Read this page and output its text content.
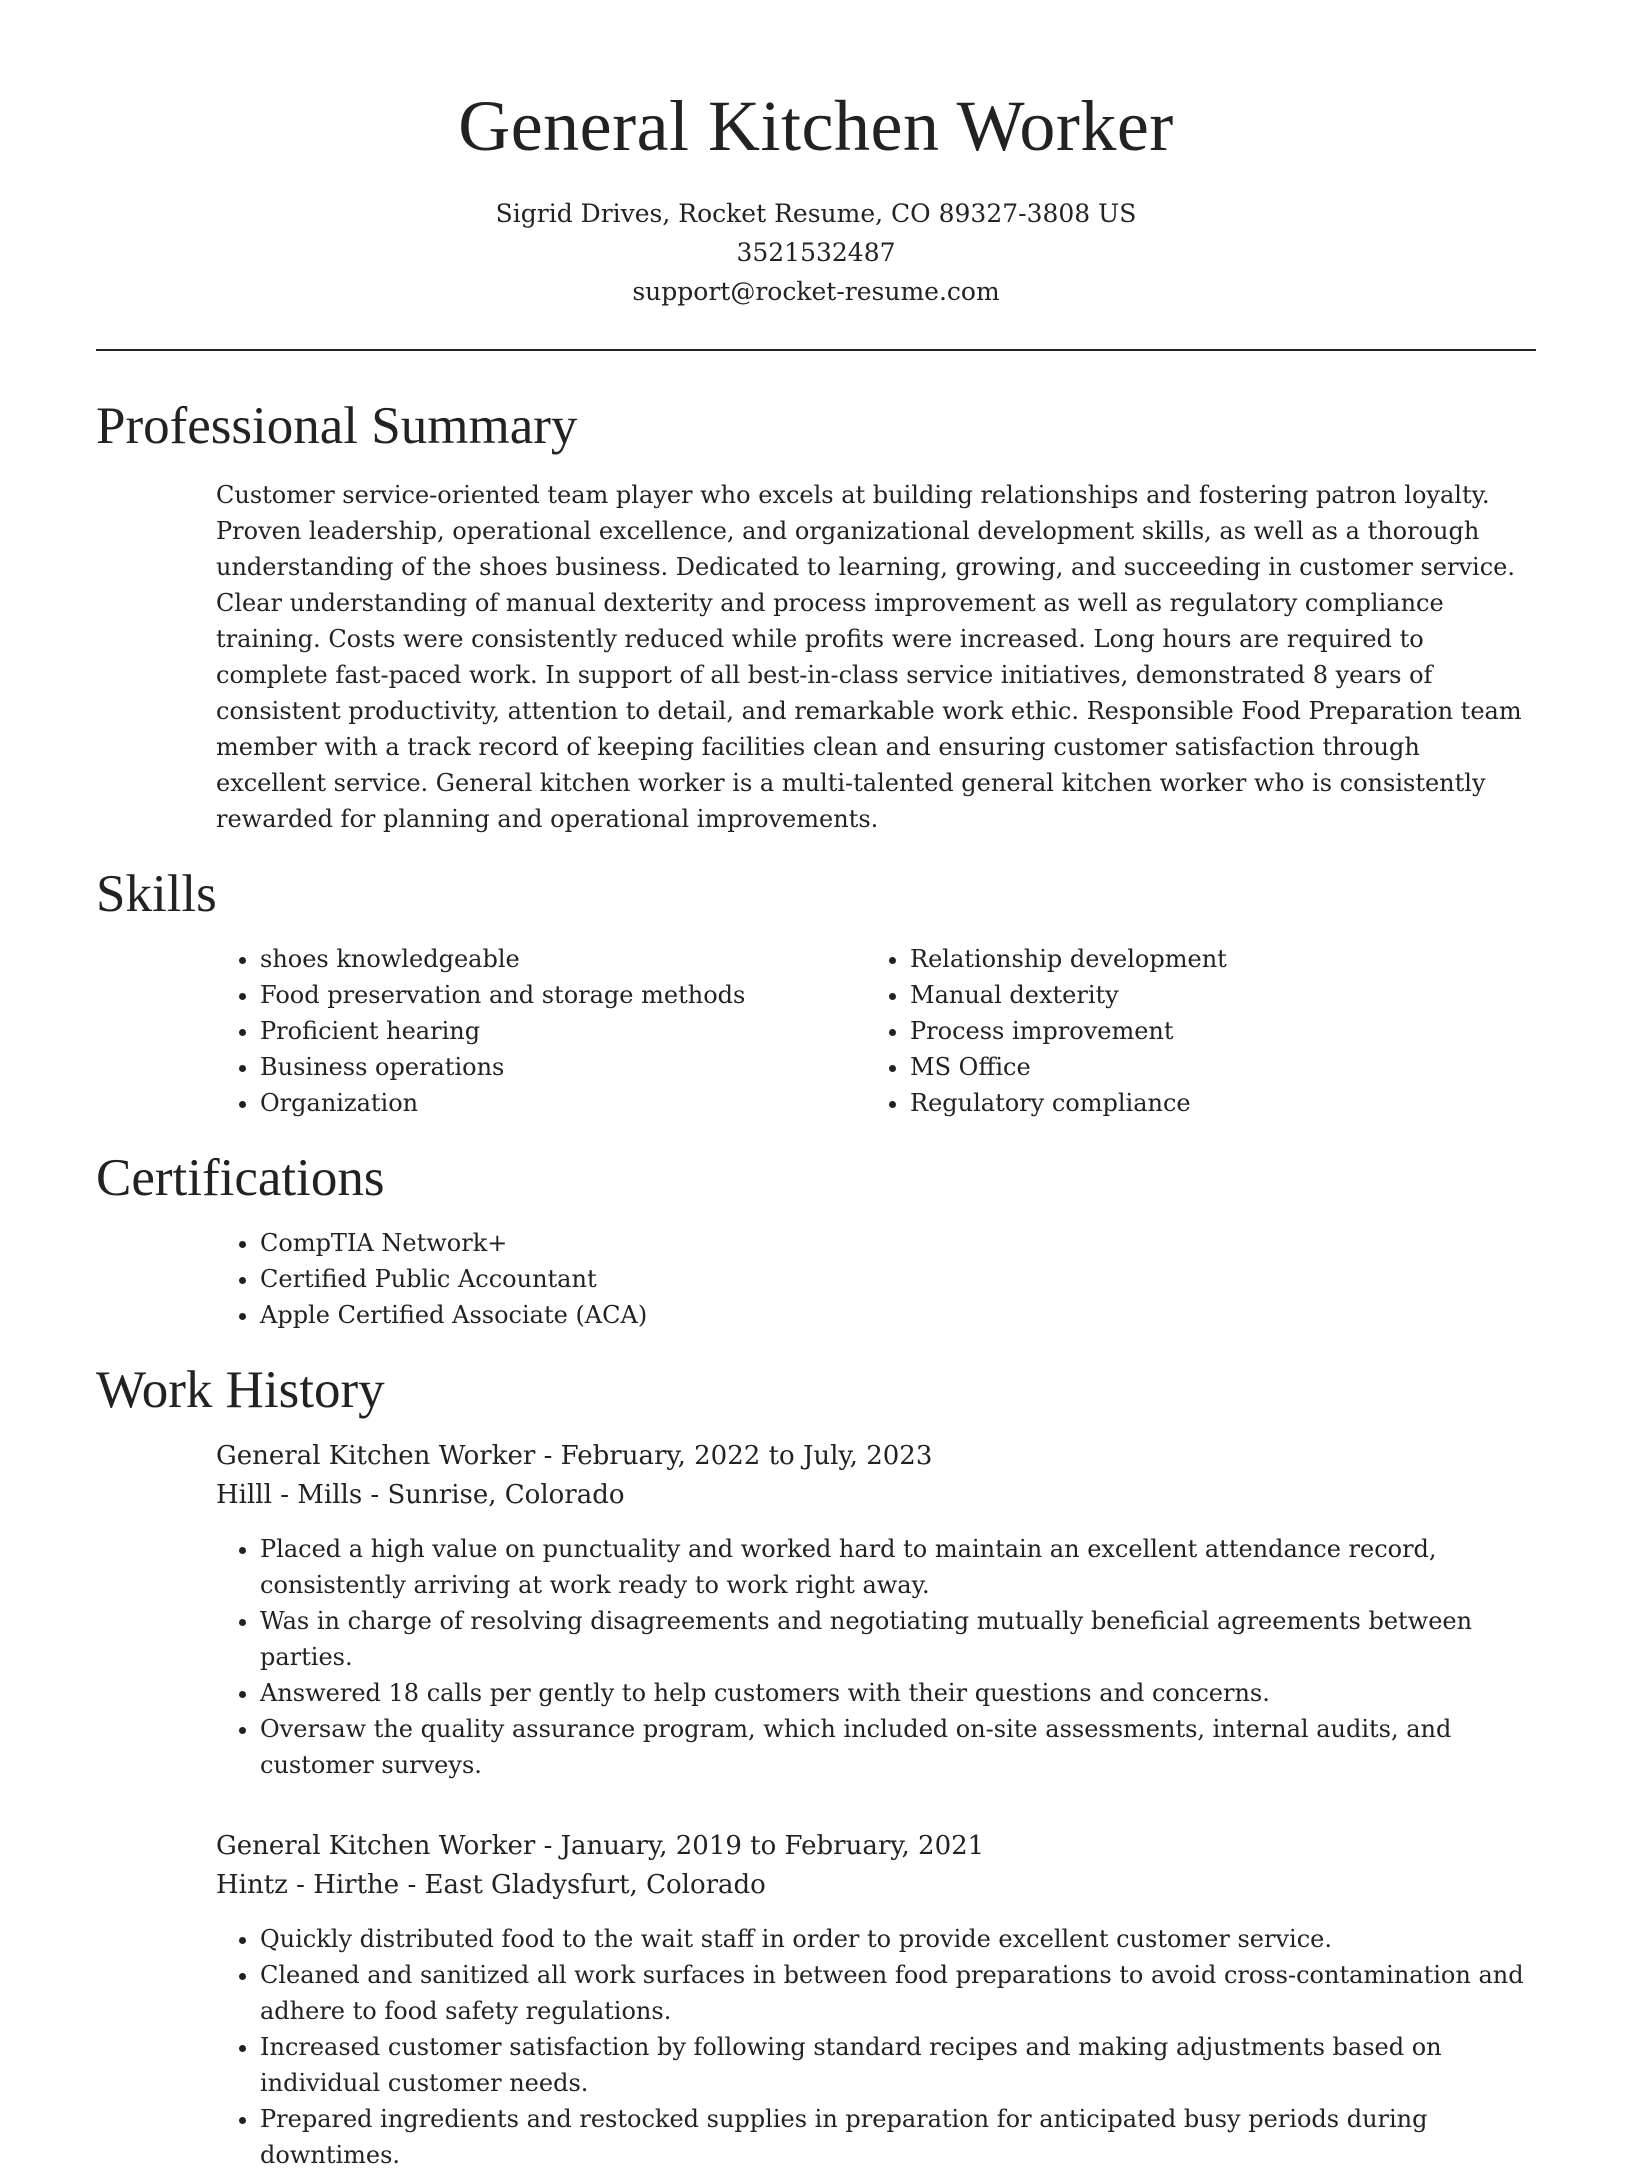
General Kitchen Worker
Sigrid Drives, Rocket Resume, CO 89327-3808 US
3521532487
support@rocket-resume.com
Professional Summary

Customer service-oriented team player who excels at building relationships and fostering patron loyalty. Proven leadership, operational excellence, and organizational development skills, as well as a thorough understanding of the shoes business. Dedicated to learning, growing, and succeeding in customer service. Clear understanding of manual dexterity and process improvement as well as regulatory compliance training. Costs were consistently reduced while profits were increased. Long hours are required to complete fast-paced work. In support of all best-in-class service initiatives, demonstrated 8 years of consistent productivity, attention to detail, and remarkable work ethic. Responsible Food Preparation team member with a track record of keeping facilities clean and ensuring customer satisfaction through excellent service. General kitchen worker is a multi-talented general kitchen worker who is consistently rewarded for planning and operational improvements.

Skills
• shoes knowledgeable
• Food preservation and storage methods
• Proficient hearing
• Business operations
• Organization
• Relationship development
• Manual dexterity
• Process improvement
• MS Office
• Regulatory compliance
Certifications
• CompTIA Network+
• Certified Public Accountant
• Apple Certified Associate (ACA)
Work History
General Kitchen Worker - February, 2022 to July, 2023
Hilll - Mills - Sunrise, Colorado
• Placed a high value on punctuality and worked hard to maintain an excellent attendance record, consistently arriving at work ready to work right away.
• Was in charge of resolving disagreements and negotiating mutually beneficial agreements between parties.
• Answered 18 calls per gently to help customers with their questions and concerns.
• Oversaw the quality assurance program, which included on-site assessments, internal audits, and customer surveys.
General Kitchen Worker - January, 2019 to February, 2021
Hintz - Hirthe - East Gladysfurt, Colorado
• Quickly distributed food to the wait staff in order to provide excellent customer service.
• Cleaned and sanitized all work surfaces in between food preparations to avoid cross-contamination and adhere to food safety regulations.
• Increased customer satisfaction by following standard recipes and making adjustments based on individual customer needs.
• Prepared ingredients and restocked supplies in preparation for anticipated busy periods during downtimes.
